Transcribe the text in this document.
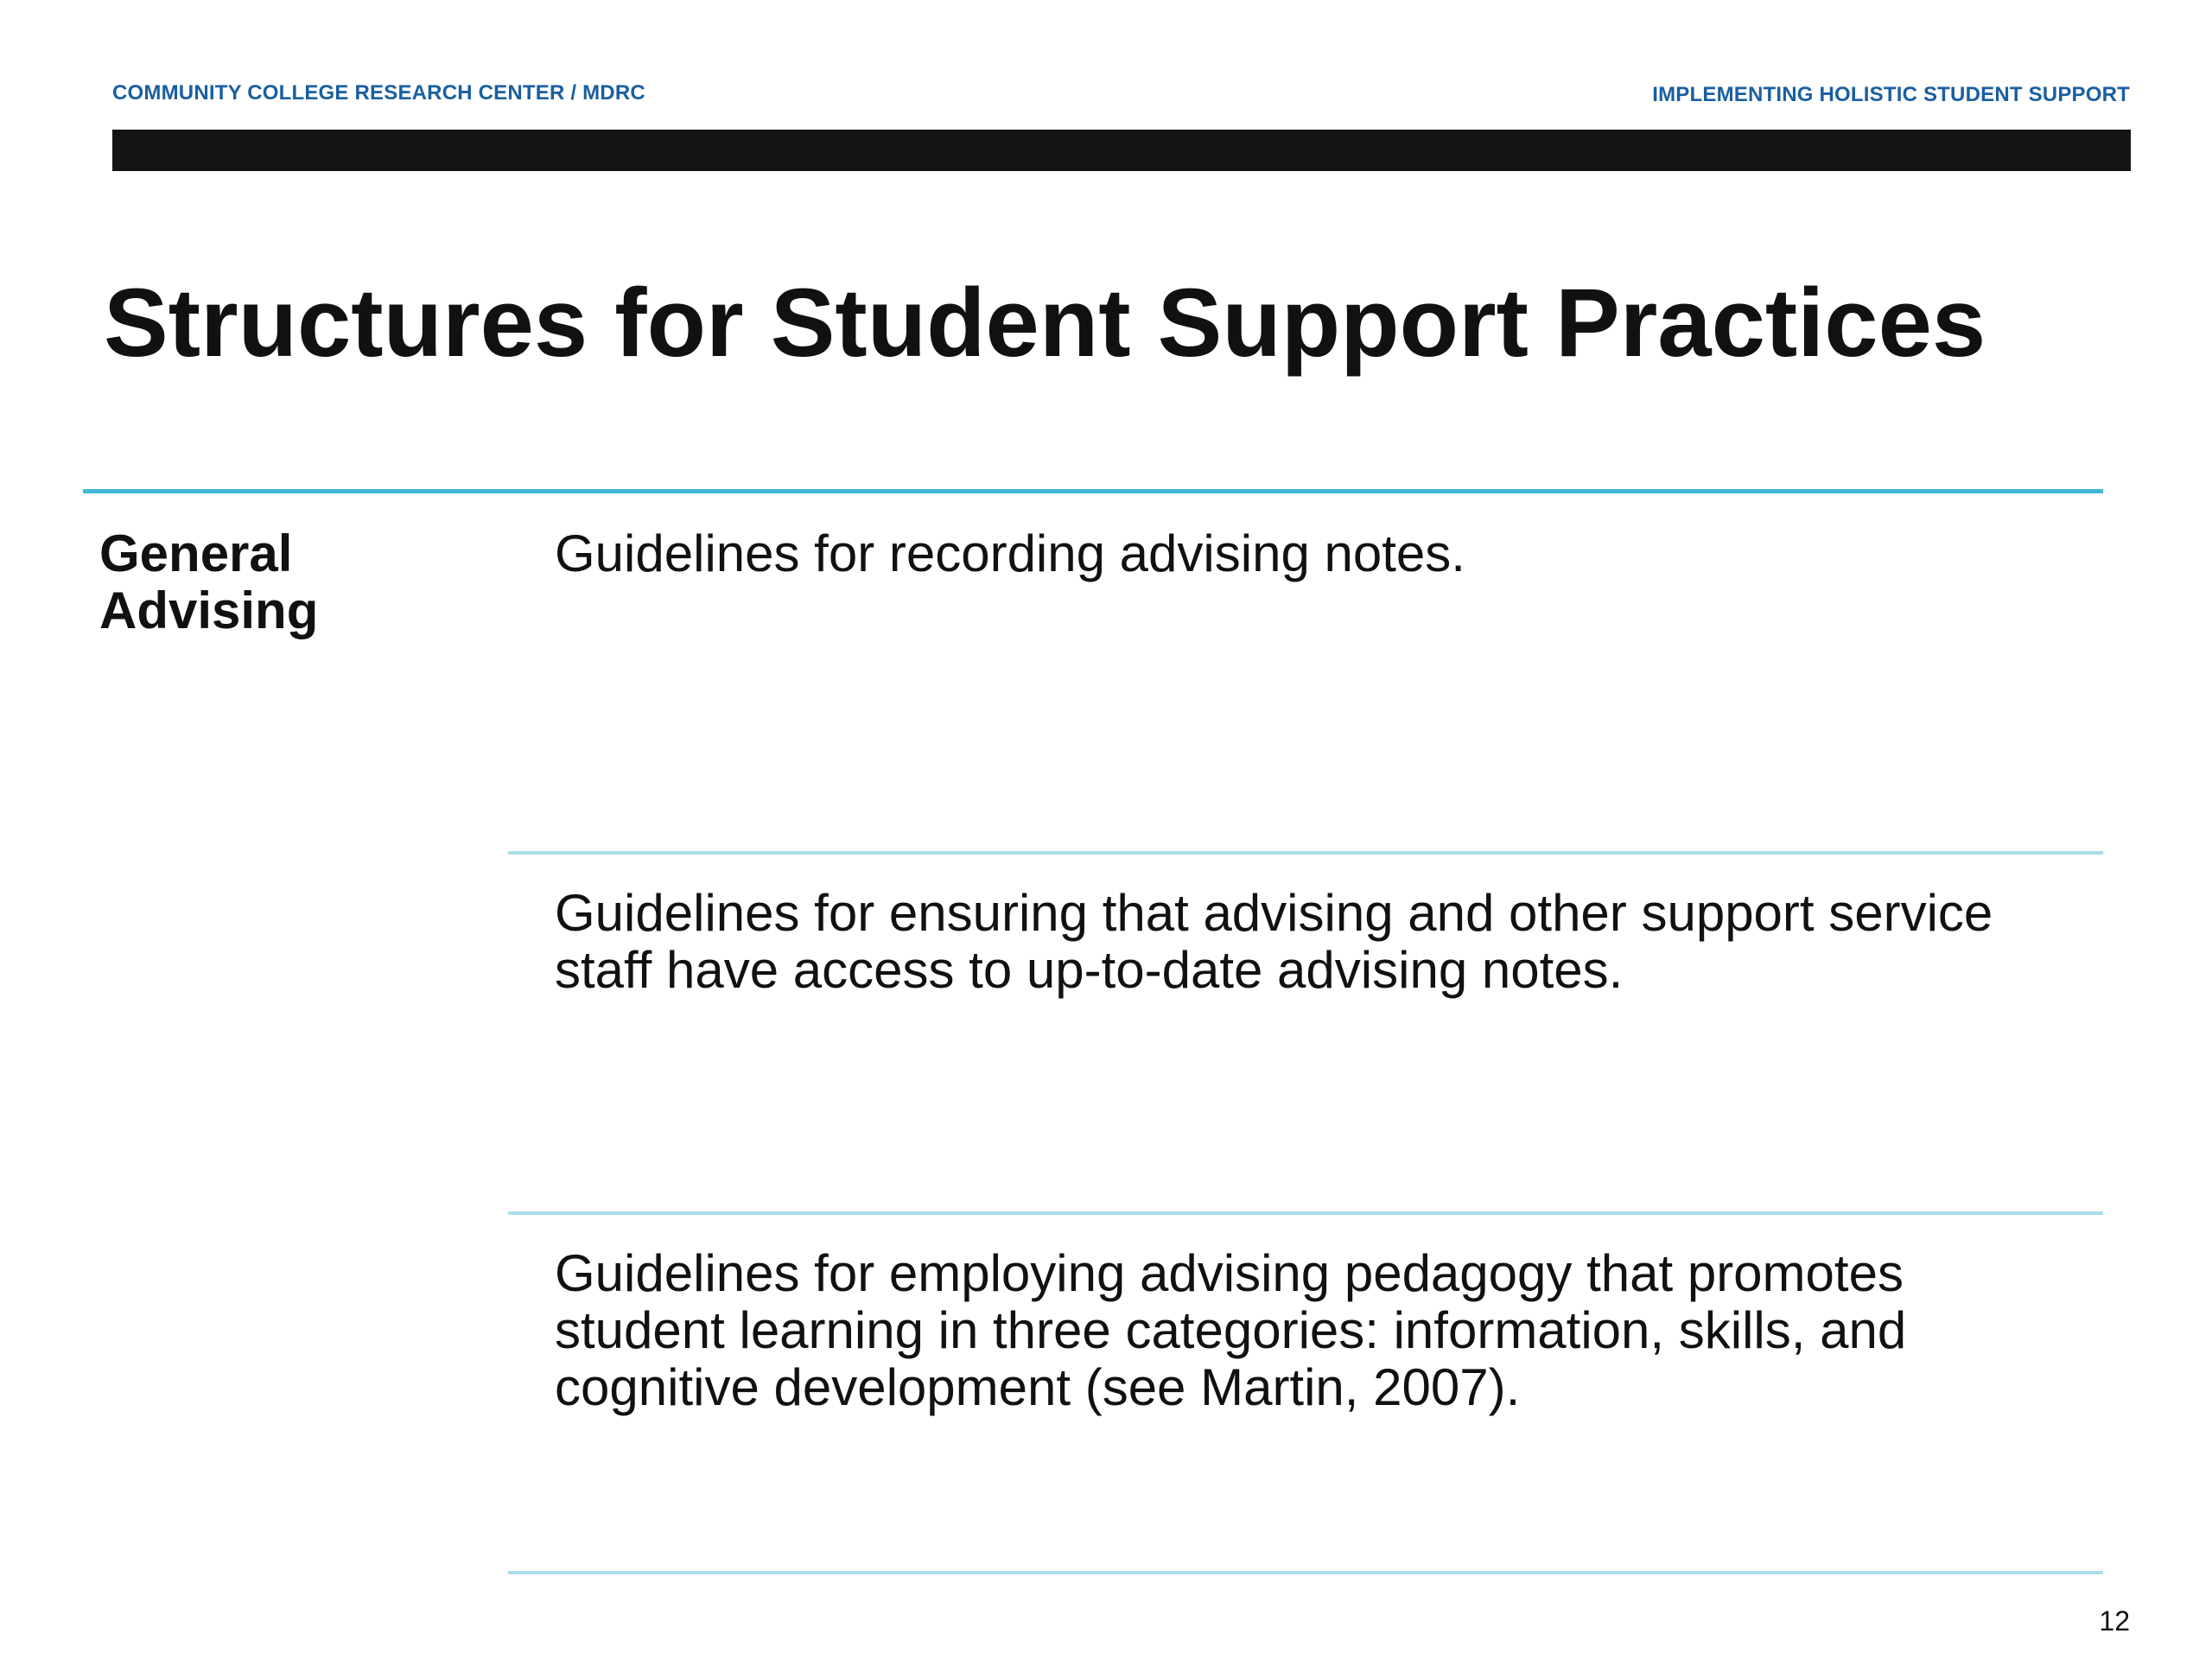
COMMUNITY COLLEGE RESEARCH CENTER / MDRC	IMPLEMENTING HOLISTIC STUDENT SUPPORT
Structures for Student Support Practices
General Advising
Guidelines for recording advising notes.
Guidelines for ensuring that advising and other support service staff have access to up-to-date advising notes.
Guidelines for employing advising pedagogy that promotes student learning in three categories: information, skills, and cognitive development (see Martin, 2007).
12
